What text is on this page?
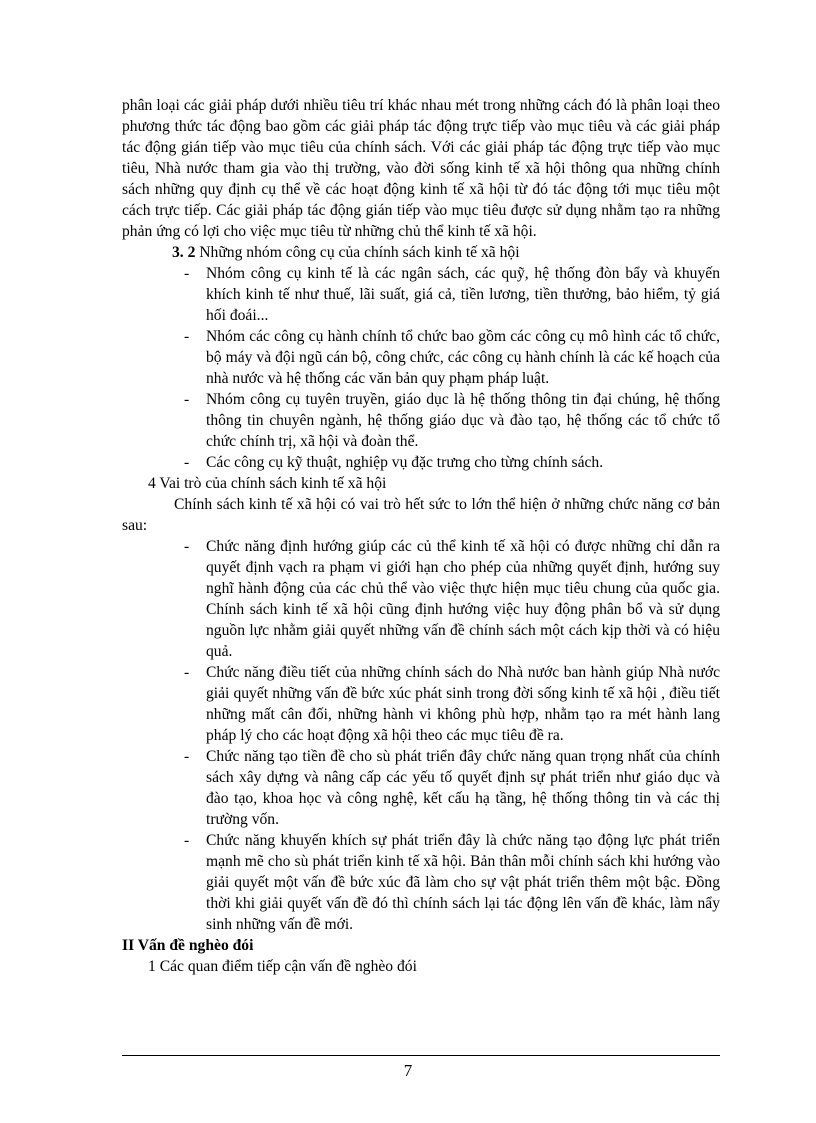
phân loại các giải pháp dưới nhiều tiêu trí khác nhau mét trong những cách đó là phân loại theo phương thức tác động bao gồm các giải pháp tác động trực tiếp vào mục tiêu và các giải pháp tác động gián tiếp vào mục tiêu của chính sách. Với các giải pháp tác động trực tiếp vào mục tiêu, Nhà nước tham gia vào thị trường, vào đời sống kinh tế xã hội thông qua những chính sách những quy định cụ thể về các hoạt động kinh tế xã hội từ đó tác động tới mục tiêu một cách trực tiếp. Các giải pháp tác động gián tiếp vào mục tiêu được sử dụng nhằm tạo ra những phản ứng có lợi cho việc mục tiêu từ những chủ thể kinh tế xã hội.

3. 2 Những nhóm công cụ của chính sách kinh tế xã hội

- Nhóm công cụ kinh tế là các ngân sách, các quỹ, hệ thống đòn bẩy và khuyến khích kinh tế như thuế, lãi suất, giá cả, tiền lương, tiền thưởng, bảo hiểm, tỷ giá hối đoái...
- Nhóm các công cụ hành chính tổ chức bao gồm các công cụ mô hình các tổ chức, bộ máy và đội ngũ cán bộ, công chức, các công cụ hành chính là các kế hoạch của nhà nước và hệ thống các văn bản quy phạm pháp luật.
- Nhóm công cụ tuyên truyền, giáo dục là hệ thống thông tin đại chúng, hệ thống thông tin chuyên ngành, hệ thống giáo dục và đào tạo, hệ thống các tổ chức tổ chức chính trị, xã hội và đoàn thể.
- Các công cụ kỹ thuật, nghiệp vụ đặc trưng cho từng chính sách.

4 Vai trò của chính sách kinh tế xã hội

Chính sách kinh tế xã hội có vai trò hết sức to lớn thể hiện ở những chức năng cơ bản sau:

- Chức năng định hướng giúp các củ thể kinh tế xã hội có được những chỉ dẫn ra quyết định vạch ra phạm vi giới hạn cho phép của những quyết định, hướng suy nghĩ hành động của các chủ thể vào việc thực hiện mục tiêu chung của quốc gia. Chính sách kinh tế xã hội cũng định hướng việc huy động phân bổ và sử dụng nguồn lực nhằm giải quyết những vấn đề chính sách một cách kịp thời và có hiệu quả.
- Chức năng điều tiết của những chính sách do Nhà nước ban hành giúp Nhà nước giải quyết những vấn đề bức xúc phát sinh trong đời sống kinh tế xã hội , điều tiết những mất cân đối, những hành vi không phù hợp, nhằm tạo ra mét hành lang pháp lý cho các hoạt động xã hội theo các mục tiêu đề ra.
- Chức năng tạo tiền đề cho sù phát triển đây chức năng quan trọng nhất của chính sách xây dựng và nâng cấp các yếu tố quyết định sự phát triển như giáo dục và đào tạo, khoa học và công nghệ, kết cấu hạ tầng, hệ thống thông tin và các thị trường vốn.
- Chức năng khuyến khích sự phát triển đây là chức năng tạo động lực phát triển mạnh mẽ cho sù phát triển kinh tế xã hội. Bản thân mỗi chính sách khi hướng vào giải quyết một vấn đề bức xúc đã làm cho sự vật phát triển thêm một bậc. Đồng thời khi giải quyết vấn đề đó thì chính sách lại tác động lên vấn đề khác, làm nẩy sinh những vấn đề mới.

II Vấn đề nghèo đói

1 Các quan điểm tiếp cận vấn đề nghèo đói

7
